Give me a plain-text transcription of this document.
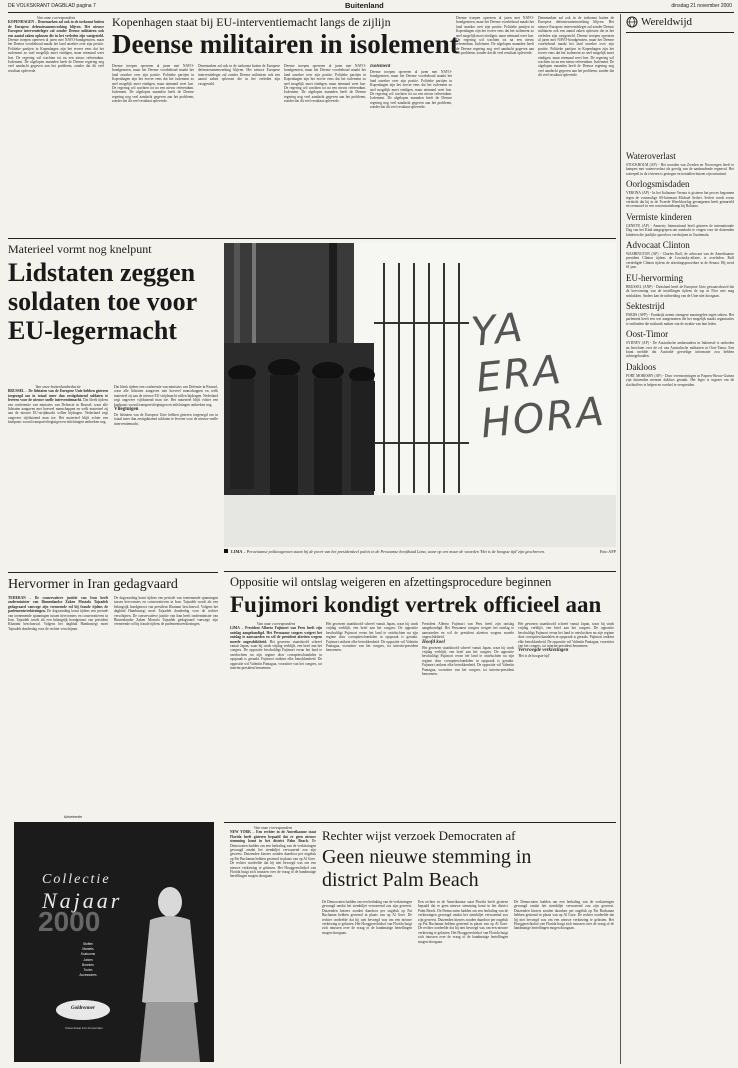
DE VOLKSKRANT DAGBLAD pagina 7	Buitenland	dinsdag 21 november 2000
Van onze correspondent
KOPENHAGEN – Denemarken zal ook in de toekomst buiten de Europese defensiesamenwerking blijven. Het nieuwe Europese interventieleger zal zonder Deense militairen ook een aantal zaken oplossen die in het verleden zijn vastgesteld. Deense troepen opereren al jaren met NAVO-bondgenoten, maar het Deense voorbehoud maakt het land onzeker over zijn positie. Politieke partijen in Kopenhagen zijn het erover eens dat het isolement zo snel mogelijk moet eindigen, maar niemand weet hoe. De regering wil wachten tot na een nieuw referendum. Isolement. De afgelopen maanden heeft de Deense regering nog veel aandacht gegeven aan het probleem, zonder dat dit veel resultaat opleverde.
Kopenhagen staat bij EU-interventiemacht langs de zijlijn
Deense militairen in isolement
Deense troepen opereren al jaren met NAVO-bondgenoten, maar het Deense voorbehoud maakt het land onzeker over zijn positie. Politieke partijen in Kopenhagen zijn het erover eens dat het isolement zo snel mogelijk moet eindigen, maar niemand weet hoe. De regering wil wachten tot na een nieuw referendum. Isolement. De afgelopen maanden heeft de Deense regering nog veel aandacht gegeven aan het probleem, zonder dat dit veel resultaat opleverde.
Denemarken zal ook in de toekomst buiten de Europese defensiesamenwerking blijven. Het nieuwe Europese interventieleger zal zonder Deense militairen ook een aantal zaken oplossen die in het verleden zijn vastgesteld.
Deense troepen opereren al jaren met NAVO-bondgenoten, maar het Deense voorbehoud maakt het land onzeker over zijn positie. Politieke partijen in Kopenhagen zijn het erover eens dat het isolement zo snel mogelijk moet eindigen, maar niemand weet hoe. De regering wil wachten tot na een nieuw referendum. Isolement. De afgelopen maanden heeft de Deense regering nog veel aandacht gegeven aan het probleem, zonder dat dit veel resultaat opleverde.
Isolement
Deense troepen opereren al jaren met NAVO-bondgenoten, maar het Deense voorbehoud maakt het land onzeker over zijn positie. Politieke partijen in Kopenhagen zijn het erover eens dat het isolement zo snel mogelijk moet eindigen, maar niemand weet hoe. De regering wil wachten tot na een nieuw referendum. Isolement. De afgelopen maanden heeft de Deense regering nog veel aandacht gegeven aan het probleem, zonder dat dit veel resultaat opleverde.
Deense troepen opereren al jaren met NAVO-bondgenoten, maar het Deense voorbehoud maakt het land onzeker over zijn positie. Politieke partijen in Kopenhagen zijn het erover eens dat het isolement zo snel mogelijk moet eindigen, maar niemand weet hoe. De regering wil wachten tot na een nieuw referendum. Isolement. De afgelopen maanden heeft de Deense regering nog veel aandacht gegeven aan het probleem, zonder dat dit veel resultaat opleverde.
Denemarken zal ook in de toekomst buiten de Europese defensiesamenwerking blijven. Het nieuwe Europese interventieleger zal zonder Deense militairen ook een aantal zaken oplossen die in het verleden zijn vastgesteld. Deense troepen opereren al jaren met NAVO-bondgenoten, maar het Deense voorbehoud maakt het land onzeker over zijn positie. Politieke partijen in Kopenhagen zijn het erover eens dat het isolement zo snel mogelijk moet eindigen, maar niemand weet hoe. De regering wil wachten tot na een nieuw referendum. Isolement. De afgelopen maanden heeft de Deense regering nog veel aandacht gegeven aan het probleem, zonder dat dit veel resultaat opleverde.
Materieel vormt nog knelpunt
Lidstaten zeggen soldaten toe voor EU-legermacht
Van onze buitenlandredactie
BRUSSEL – De lidstaten van de Europese Unie hebben gisteren toegezegd om in totaal meer dan zestigduizend soldaten te leveren voor de nieuwe snelle interventiemacht. Dat bleek tijdens een conferentie van ministers van Defensie in Brussel, waar alle lidstaten aangaven met hoeveel manschappen en welk materieel zij aan de nieuwe EU-strijdmacht willen bijdragen. Nederland zegt ongeveer vijfduizend man toe. Het materieel blijft echter een knelpunt: vooral transportvliegtuigen en inlichtingen ontbreken nog.
Dat bleek tijdens een conferentie van ministers van Defensie in Brussel, waar alle lidstaten aangaven met hoeveel manschappen en welk materieel zij aan de nieuwe EU-strijdmacht willen bijdragen. Nederland zegt ongeveer vijfduizend man toe. Het materieel blijft echter een knelpunt: vooral transportvliegtuigen en inlichtingen ontbreken nog.
Vliegtuigen
De lidstaten van de Europese Unie hebben gisteren toegezegd om in totaal meer dan zestigduizend soldaten te leveren voor de nieuwe snelle interventiemacht.
Hervormer in Iran gedagvaard
TEHERAN – De conservatieve justitie van Iran heeft onderminister van Binnenlandse Zaken Mostafa Tajzadeh gedagvaard vanwege zijn vermeende rol bij fraude tijdens de parlementsverkiezingen. De dagvaarding komt tijdens een periode van toenemende spanningen tussen hervormers en conservatieven in Iran. Tajzadeh wordt als een belangrijk bondgenoot van president Khatami beschouwd. Volgens het dagblad Hambastegi moet Tajzadeh donderdag voor de rechter verschijnen.
De dagvaarding komt tijdens een periode van toenemende spanningen tussen hervormers en conservatieven in Iran. Tajzadeh wordt als een belangrijk bondgenoot van president Khatami beschouwd. Volgens het dagblad Hambastegi moet Tajzadeh donderdag voor de rechter verschijnen. De conservatieve justitie van Iran heeft onderminister van Binnenlandse Zaken Mostafa Tajzadeh gedagvaard vanwege zijn vermeende rol bij fraude tijdens de parlementsverkiezingen.
YA ERA HORA
LIMA – Peruviaanse politieagenten staan bij de poort van het presidentieel paleis in de Peruaanse hoofdstad Lima, waar op een muur de woorden 'Het is de hoogste tijd' zijn geschreven.	Foto AFP
Oppositie wil ontslag weigeren en afzettingsprocedure beginnen
Fujimori kondigt vertrek officieel aan
Van onze correspondent
LIMA – President Alberto Fujimori van Peru heeft zijn ontslag aangekondigd. Het Peruaanse congres weigert het ontslag te aanvaarden en wil de president afzetten wegens morele ongeschiktheid. Het gewezen staatshoofd schreef vanuit Japan, waar hij sinds vrijdag verblijft, een brief aan het congres. De oppositie beschuldigt Fujimori ervan het land te ontvluchten nu zijn regime door corruptieschandalen in opspraak is geraakt. Fujimori ontkent elke betrokkenheid. De oppositie wil Valentín Paniagua, voorzitter van het congres, tot interim-president benoemen.
Het gewezen staatshoofd schreef vanuit Japan, waar hij sinds vrijdag verblijft, een brief aan het congres. De oppositie beschuldigt Fujimori ervan het land te ontvluchten nu zijn regime door corruptieschandalen in opspraak is geraakt. Fujimori ontkent elke betrokkenheid. De oppositie wil Valentín Paniagua, voorzitter van het congres, tot interim-president benoemen.
President Alberto Fujimori van Peru heeft zijn ontslag aangekondigd. Het Peruaanse congres weigert het ontslag te aanvaarden en wil de president afzetten wegens morele ongeschiktheid.
Hoofd koel
Het gewezen staatshoofd schreef vanuit Japan, waar hij sinds vrijdag verblijft, een brief aan het congres. De oppositie beschuldigt Fujimori ervan het land te ontvluchten nu zijn regime door corruptieschandalen in opspraak is geraakt. Fujimori ontkent elke betrokkenheid. De oppositie wil Valentín Paniagua, voorzitter van het congres, tot interim-president benoemen.
Het gewezen staatshoofd schreef vanuit Japan, waar hij sinds vrijdag verblijft, een brief aan het congres. De oppositie beschuldigt Fujimori ervan het land te ontvluchten nu zijn regime door corruptieschandalen in opspraak is geraakt. Fujimori ontkent elke betrokkenheid. De oppositie wil Valentín Paniagua, voorzitter van het congres, tot interim-president benoemen.
Vervroegde verkiezingen
'Het is de hoogste tijd'
Advertentie
Collectie
Najaar
2000
Stoffen
Mantels
Kostuums
Jurken
Broeken
Truien
Accessoires
Goldrenner
Kalverstraat 101 Amsterdam
Van onze correspondent
NEW YORK – Een rechter in de Amerikaanse staat Florida heeft gisteren bepaald dat er geen nieuwe stemming komt in het district Palm Beach. De Democraten hadden om een herhaling van de verkiezingen gevraagd omdat het stembiljet verwarrend zou zijn geweest. Duizenden kiezers zouden daardoor per ongeluk op Pat Buchanan hebben gestemd in plaats van op Al Gore. De rechter oordeelde dat hij niet bevoegd was om een nieuwe verkiezing te gelasten. Het Hooggerechtshof van Florida buigt zich intussen over de vraag of de handmatige hertellingen mogen doorgaan.
Rechter wijst verzoek Democraten af
Geen nieuwe stemming in district Palm Beach
De Democraten hadden om een herhaling van de verkiezingen gevraagd omdat het stembiljet verwarrend zou zijn geweest. Duizenden kiezers zouden daardoor per ongeluk op Pat Buchanan hebben gestemd in plaats van op Al Gore. De rechter oordeelde dat hij niet bevoegd was om een nieuwe verkiezing te gelasten. Het Hooggerechtshof van Florida buigt zich intussen over de vraag of de handmatige hertellingen mogen doorgaan.
Een rechter in de Amerikaanse staat Florida heeft gisteren bepaald dat er geen nieuwe stemming komt in het district Palm Beach. De Democraten hadden om een herhaling van de verkiezingen gevraagd omdat het stembiljet verwarrend zou zijn geweest. Duizenden kiezers zouden daardoor per ongeluk op Pat Buchanan hebben gestemd in plaats van op Al Gore. De rechter oordeelde dat hij niet bevoegd was om een nieuwe verkiezing te gelasten. Het Hooggerechtshof van Florida buigt zich intussen over de vraag of de handmatige hertellingen mogen doorgaan.
De Democraten hadden om een herhaling van de verkiezingen gevraagd omdat het stembiljet verwarrend zou zijn geweest. Duizenden kiezers zouden daardoor per ongeluk op Pat Buchanan hebben gestemd in plaats van op Al Gore. De rechter oordeelde dat hij niet bevoegd was om een nieuwe verkiezing te gelasten. Het Hooggerechtshof van Florida buigt zich intussen over de vraag of de handmatige hertellingen mogen doorgaan.
Wereldwijd
Wateroverlast
STOCKHOLM (AP) - Het noorden van Zweden en Noorwegen heeft te kampen met wateroverlast als gevolg van de aanhoudende regenval. Het waterpeil in de rivieren is gestegen en tientallen huizen zijn ontruimd.
Oorlogsmisdaden
VERONA (AP) - In het Italiaanse Verona is gisteren het proces begonnen tegen de voormalige SS-luitenant Michael Seifert. Seifert wordt ervan verdacht dat hij in de Tweede Wereldoorlog gevangenen heeft gemarteld en vermoord in een concentratiekamp bij Bolzano.
Vermiste kinderen
GENEVE (AP) - Amnesty International heeft gisteren de internationale Dag van het Kind aangegrepen om aandacht te vragen voor de duizenden kinderen die jaarlijks spoorloos verdwijnen in Guatemala.
Advocaat Clinton
WASHINGTON (AP) - Charles Ruff, de advocaat van de Amerikaanse president Clinton tijdens de Lewinsky-affaire, is overleden. Ruff verdedigde Clinton tijdens de afzettingsprocedure in de Senaat. Hij werd 61 jaar.
EU-hervorming
BRUSSEL (ANP) - Duitsland heeft de Europese Unie gewaarschuwd dat de hervorming van de instellingen tijdens de top in Nice niet mag mislukken. Anders kan de uitbreiding van de Unie niet doorgaan.
Sektestrijd
PARIJS (AFP) - Frankrijk neemt strengere maatregelen tegen sekten. Het parlement heeft een wet aangenomen die het mogelijk maakt organisaties te ontbinden die misbruik maken van de zwakte van hun leden.
Oost-Timor
SYDNEY (AP) - De Australische ambassadeur in Indonesië is ontboden na berichten over de rol van Australische militairen in Oost-Timor. Een krant meldde dat Australië gevoelige informatie zou hebben achtergehouden.
Dakloos
PORT MORESBY (AP) - Door overstromingen in Papoea-Nieuw-Guinea zijn duizenden mensen dakloos geraakt. Het leger is ingezet om de slachtoffers te helpen en voedsel te verspreiden.
